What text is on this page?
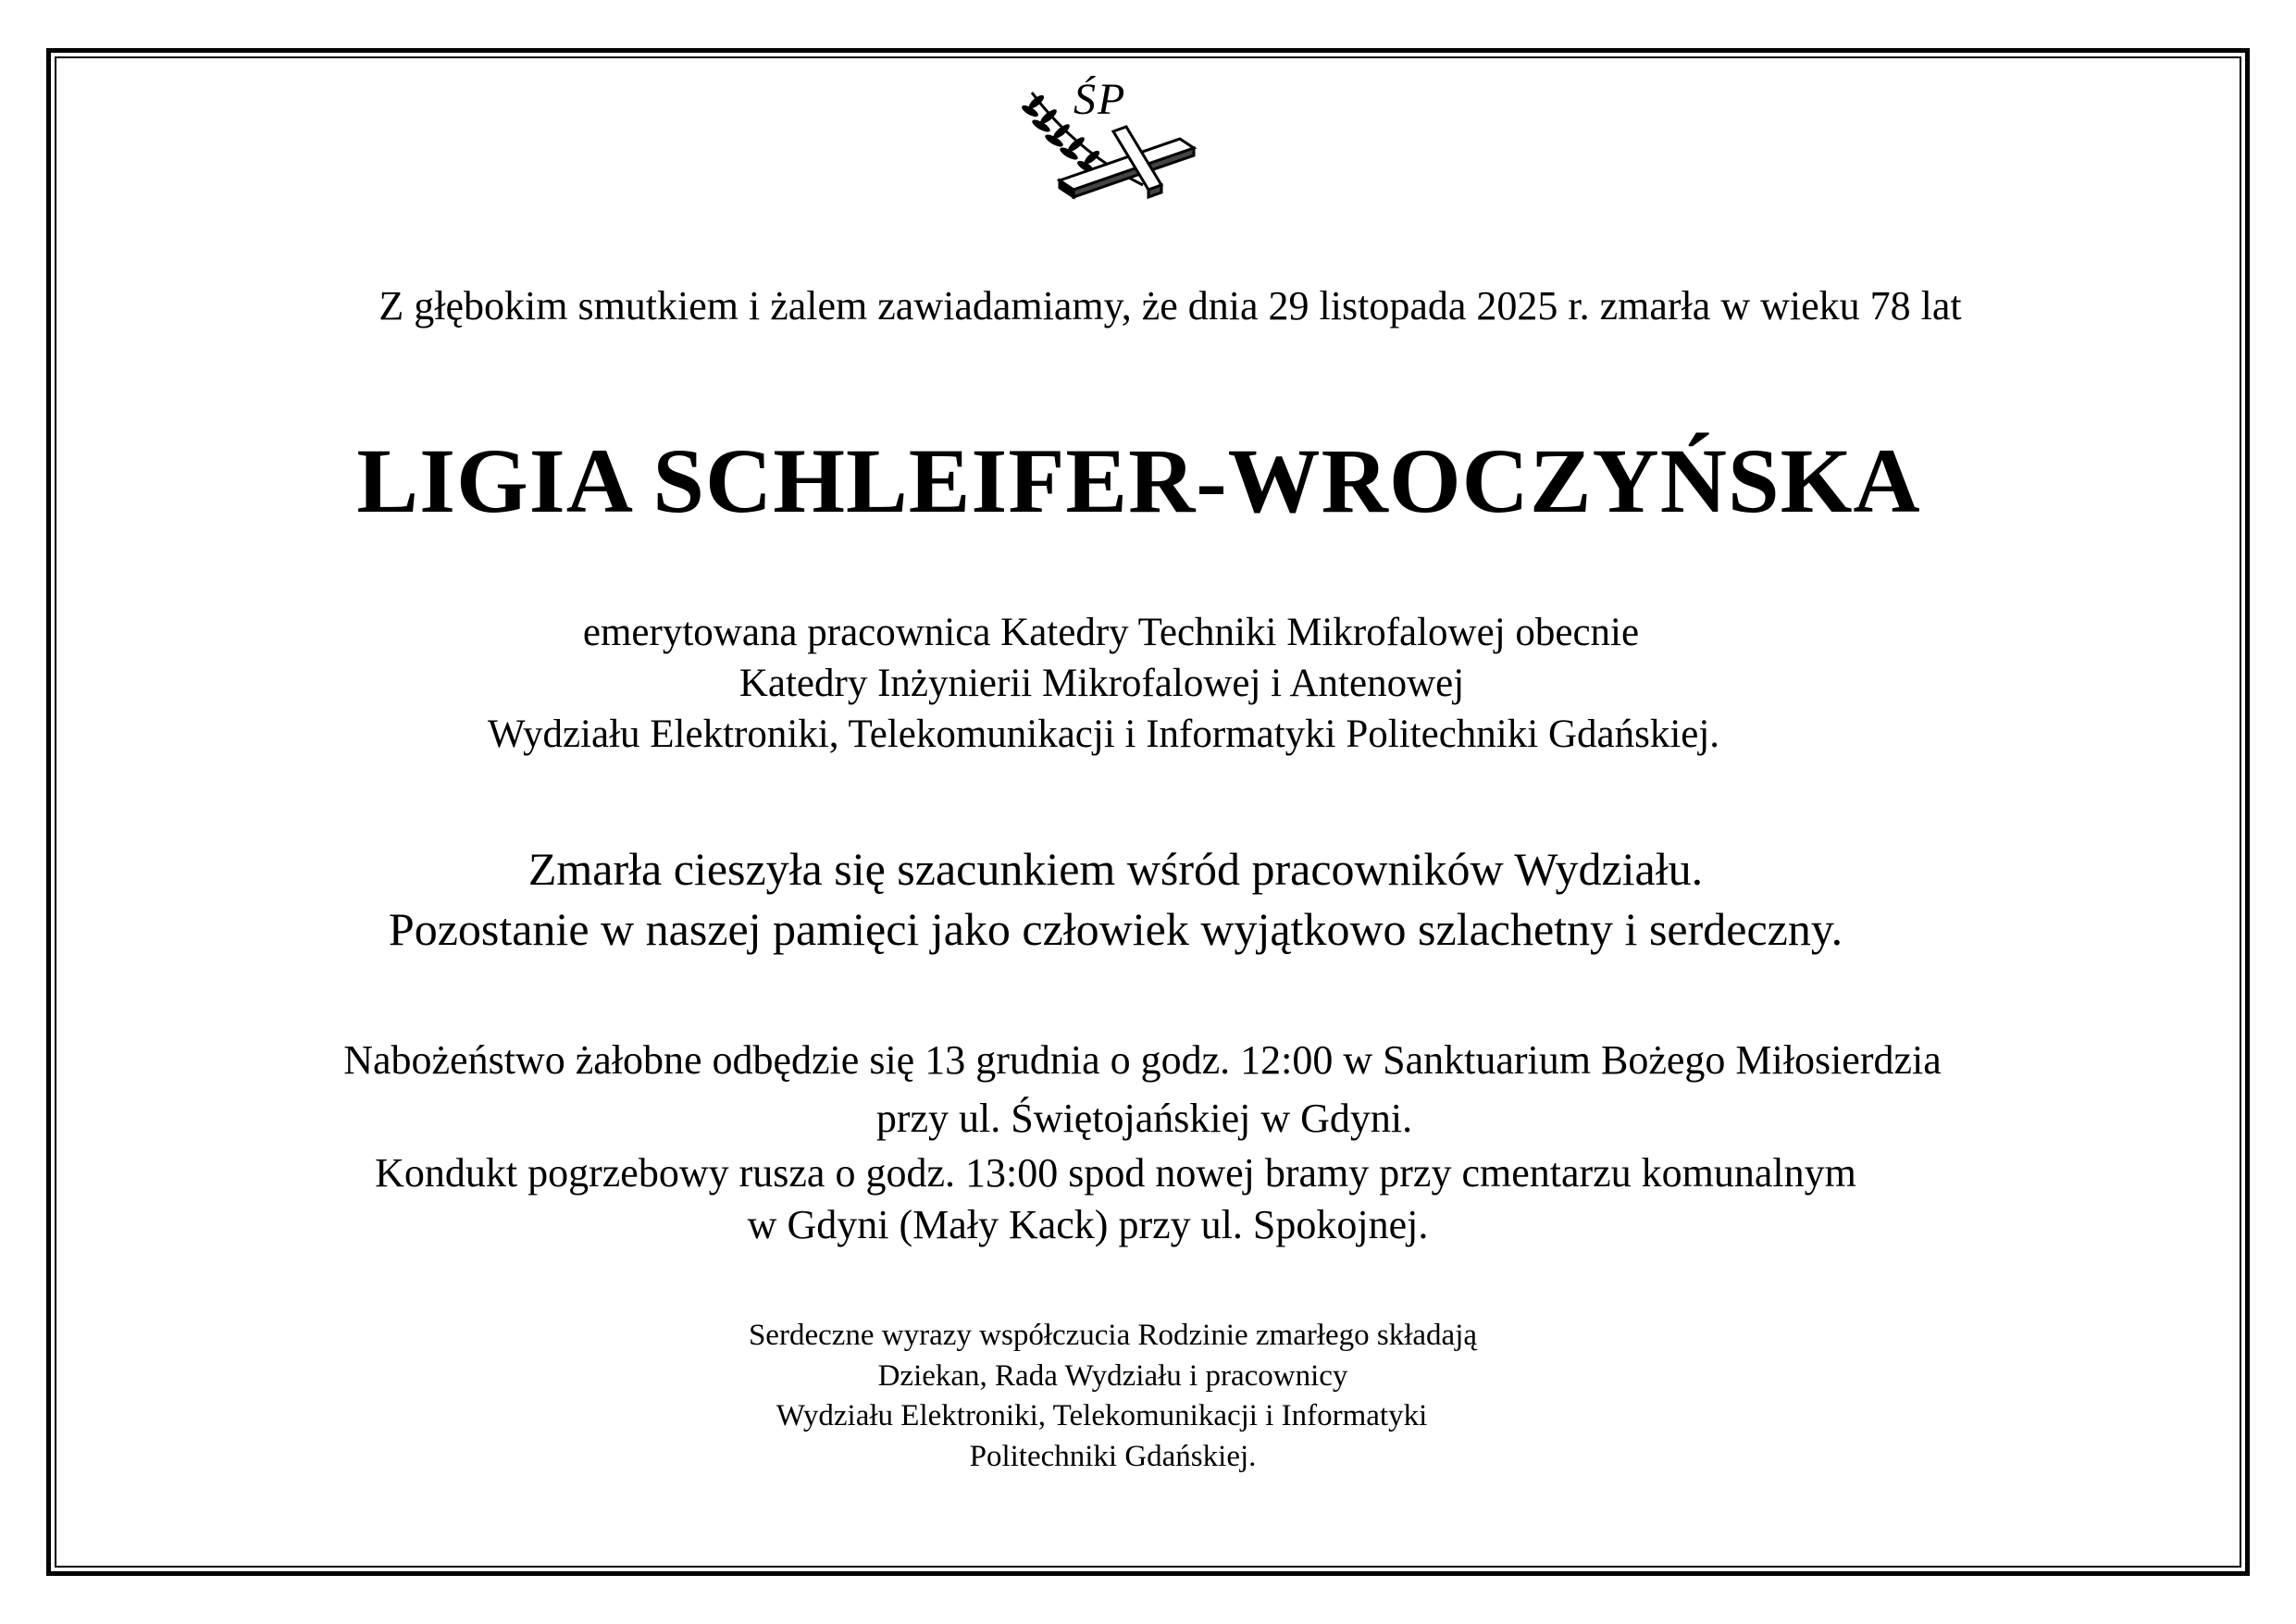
ŚP
Z głębokim smutkiem i żalem zawiadamiamy, że dnia 29 listopada 2025 r. zmarła w wieku 78 lat
LIGIA SCHLEIFER-WROCZYŃSKA
emerytowana pracownica Katedry Techniki Mikrofalowej obecnie
Katedry Inżynierii Mikrofalowej i Antenowej
Wydziału Elektroniki, Telekomunikacji i Informatyki Politechniki Gdańskiej.
Zmarła cieszyła się szacunkiem wśród pracowników Wydziału.
Pozostanie w naszej pamięci jako człowiek wyjątkowo szlachetny i serdeczny.
Nabożeństwo żałobne odbędzie się 13 grudnia o godz. 12:00 w Sanktuarium Bożego Miłosierdzia
przy ul. Świętojańskiej w Gdyni.
Kondukt pogrzebowy rusza o godz. 13:00 spod nowej bramy przy cmentarzu komunalnym
w Gdyni (Mały Kack) przy ul. Spokojnej.
Serdeczne wyrazy współczucia Rodzinie zmarłego składają
Dziekan, Rada Wydziału i pracownicy
Wydziału Elektroniki, Telekomunikacji i Informatyki
Politechniki Gdańskiej.
